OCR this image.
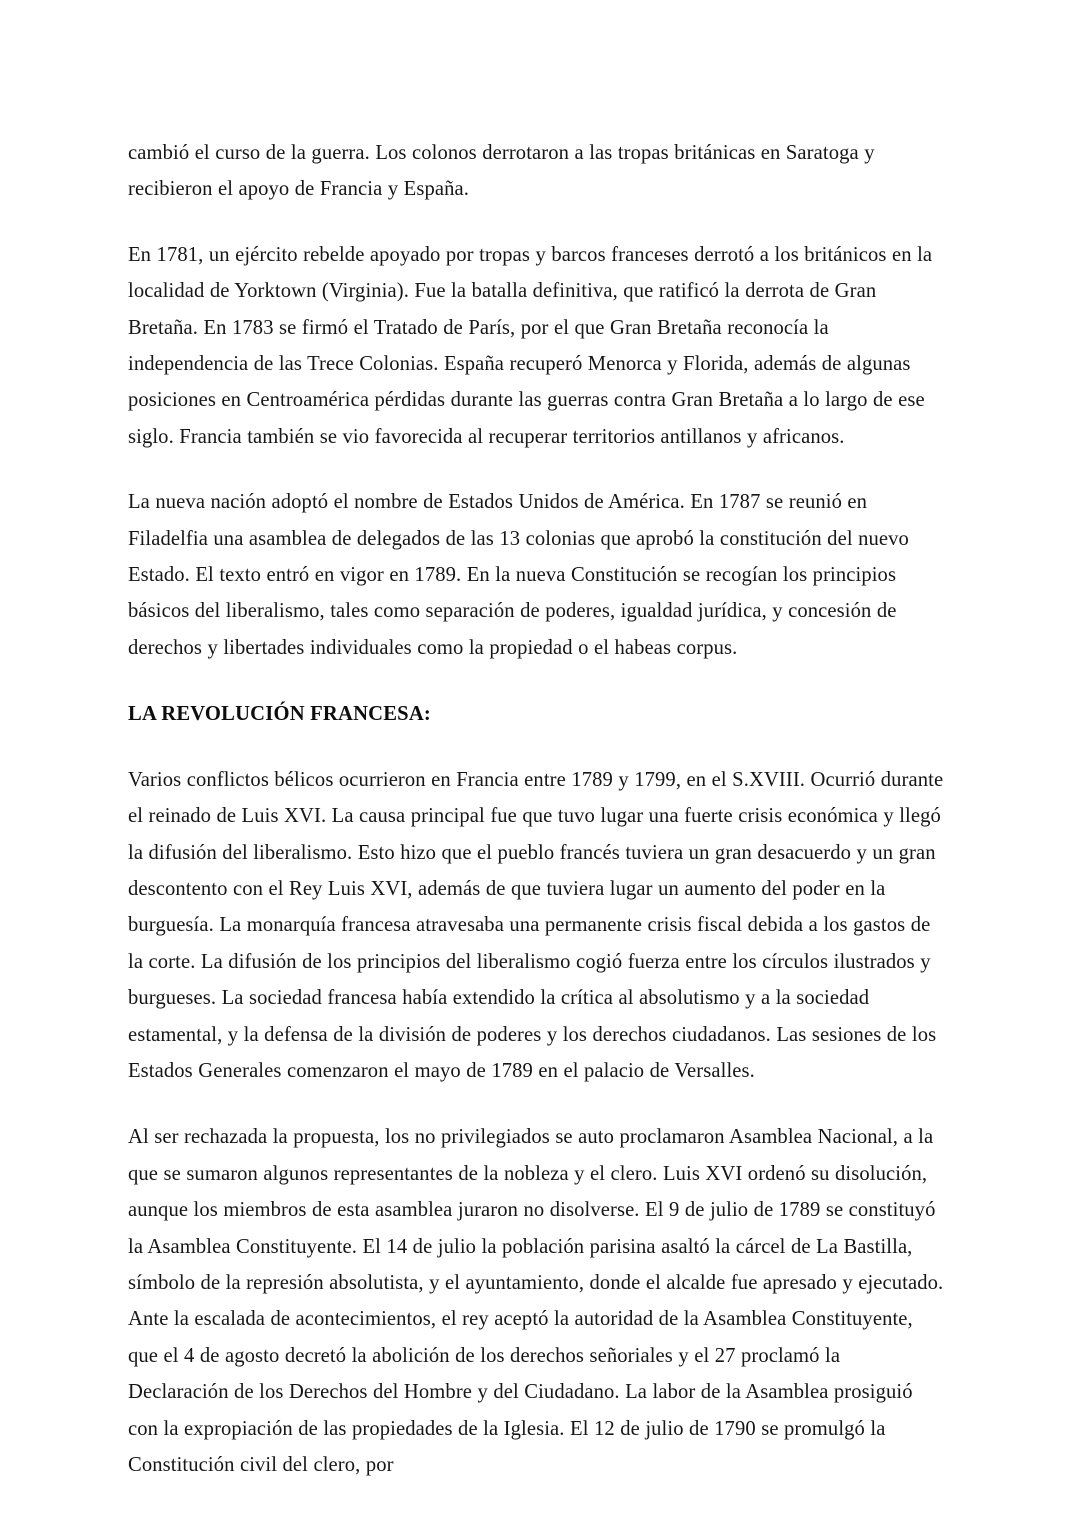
cambió el curso de la guerra. Los colonos derrotaron a las tropas británicas en Saratoga y recibieron el apoyo de Francia y España.

En 1781, un ejército rebelde apoyado por tropas y barcos franceses derrotó a los británicos en la localidad de Yorktown (Virginia). Fue la batalla definitiva, que ratificó la derrota de Gran Bretaña. En 1783 se firmó el Tratado de París, por el que Gran Bretaña reconocía la independencia de las Trece Colonias. España recuperó Menorca y Florida, además de algunas posiciones en Centroamérica pérdidas durante las guerras contra Gran Bretaña a lo largo de ese siglo. Francia también se vio favorecida al recuperar territorios antillanos y africanos.

La nueva nación adoptó el nombre de Estados Unidos de América. En 1787 se reunió en Filadelfia una asamblea de delegados de las 13 colonias que aprobó la constitución del nuevo Estado. El texto entró en vigor en 1789. En la nueva Constitución se recogían los principios básicos del liberalismo, tales como separación de poderes, igualdad jurídica, y concesión de derechos y libertades individuales como la propiedad o el habeas corpus.

LA REVOLUCIÓN FRANCESA:

Varios conflictos bélicos ocurrieron en Francia entre 1789 y 1799, en el S.XVIII. Ocurrió durante el reinado de Luis XVI. La causa principal fue que tuvo lugar una fuerte crisis económica y llegó la difusión del liberalismo. Esto hizo que el pueblo francés tuviera un gran desacuerdo y un gran descontento con el Rey Luis XVI, además de que tuviera lugar un aumento del poder en la burguesía. La monarquía francesa atravesaba una permanente crisis fiscal debida a los gastos de la corte. La difusión de los principios del liberalismo cogió fuerza entre los círculos ilustrados y burgueses. La sociedad francesa había extendido la crítica al absolutismo y a la sociedad estamental, y la defensa de la división de poderes y los derechos ciudadanos. Las sesiones de los Estados Generales comenzaron el mayo de 1789 en el palacio de Versalles.

Al ser rechazada la propuesta, los no privilegiados se auto proclamaron Asamblea Nacional, a la que se sumaron algunos representantes de la nobleza y el clero. Luis XVI ordenó su disolución, aunque los miembros de esta asamblea juraron no disolverse. El 9 de julio de 1789 se constituyó la Asamblea Constituyente. El 14 de julio la población parisina asaltó la cárcel de La Bastilla, símbolo de la represión absolutista, y el ayuntamiento, donde el alcalde fue apresado y ejecutado. Ante la escalada de acontecimientos, el rey aceptó la autoridad de la Asamblea Constituyente, que el 4 de agosto decretó la abolición de los derechos señoriales y el 27 proclamó la Declaración de los Derechos del Hombre y del Ciudadano. La labor de la Asamblea prosiguió con la expropiación de las propiedades de la Iglesia. El 12 de julio de 1790 se promulgó la Constitución civil del clero, por
